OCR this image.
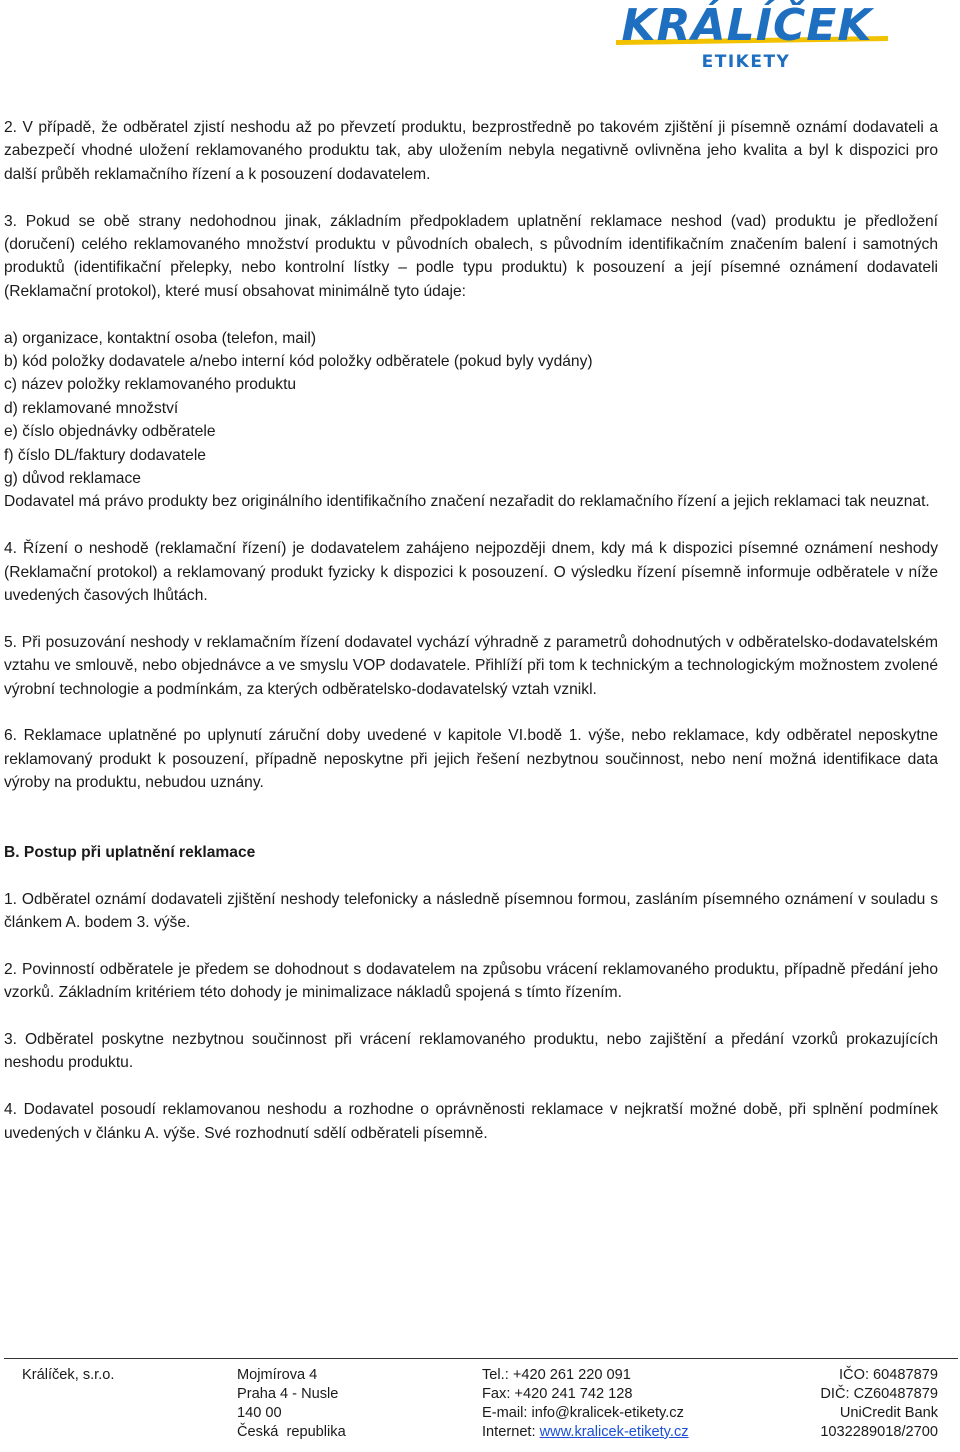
KRÁLÍČEK
ETIKETY

2. V případě, že odběratel zjistí neshodu až po převzetí produktu, bezprostředně po takovém zjištění ji písemně oznámí dodavateli a zabezpečí vhodné uložení reklamovaného produktu tak, aby uložením nebyla negativně ovlivněna jeho kvalita a byl k dispozici pro další průběh reklamačního řízení a k posouzení dodavatelem.

3. Pokud se obě strany nedohodnou jinak, základním předpokladem uplatnění reklamace neshod (vad) produktu je předložení (doručení) celého reklamovaného množství produktu v původních obalech, s původním identifikačním značením balení i samotných produktů (identifikační přelepky, nebo kontrolní lístky – podle typu produktu) k posouzení a její písemné oznámení dodavateli (Reklamační protokol), které musí obsahovat minimálně tyto údaje:

a) organizace, kontaktní osoba (telefon, mail)

b) kód položky dodavatele a/nebo interní kód položky odběratele (pokud byly vydány)

c) název položky reklamovaného produktu

d) reklamované množství

e) číslo objednávky odběratele

f) číslo DL/faktury dodavatele

g) důvod reklamace

Dodavatel má právo produkty bez originálního identifikačního značení nezařadit do reklamačního řízení a jejich reklamaci tak neuznat.

4. Řízení o neshodě (reklamační řízení) je dodavatelem zahájeno nejpozději dnem, kdy má k dispozici písemné oznámení neshody (Reklamační protokol) a reklamovaný produkt fyzicky k dispozici k posouzení. O výsledku řízení písemně informuje odběratele v níže uvedených časových lhůtách.

5. Při posuzování neshody v reklamačním řízení dodavatel vychází výhradně z parametrů dohodnutých v odběratelsko-dodavatelském vztahu ve smlouvě, nebo objednávce a ve smyslu VOP dodavatele. Přihlíží při tom k technickým a technologickým možnostem zvolené výrobní technologie a podmínkám, za kterých odběratelsko-dodavatelský vztah vznikl.

6. Reklamace uplatněné po uplynutí záruční doby uvedené v kapitole VI.bodě 1. výše, nebo reklamace, kdy odběratel neposkytne reklamovaný produkt k posouzení, případně neposkytne při jejich řešení nezbytnou součinnost, nebo není možná identifikace data výroby na produktu, nebudou uznány.

B. Postup při uplatnění reklamace

1. Odběratel oznámí dodavateli zjištění neshody telefonicky a následně písemnou formou, zasláním písemného oznámení v souladu s článkem A. bodem 3. výše.

2. Povinností odběratele je předem se dohodnout s dodavatelem na způsobu vrácení reklamovaného produktu, případně předání jeho vzorků. Základním kritériem této dohody je minimalizace nákladů spojená s tímto řízením.

3. Odběratel poskytne nezbytnou součinnost při vrácení reklamovaného produktu, nebo zajištění a předání vzorků prokazujících neshodu produktu.

4. Dodavatel posoudí reklamovanou neshodu a rozhodne o oprávněnosti reklamace v nejkratší možné době, při splnění podmínek uvedených v článku A. výše. Své rozhodnutí sdělí odběrateli písemně.

Králíček, s.r.o.	Mojmírova 4
Praha 4 - Nusle
140 00
Česká  republika
Tel.: +420 261 220 091
Fax: +420 241 742 128
E-mail: info@kralicek-etikety.cz
Internet: www.kralicek-etikety.cz
IČO: 60487879
DIČ: CZ60487879
UniCredit Bank
1032289018/2700
